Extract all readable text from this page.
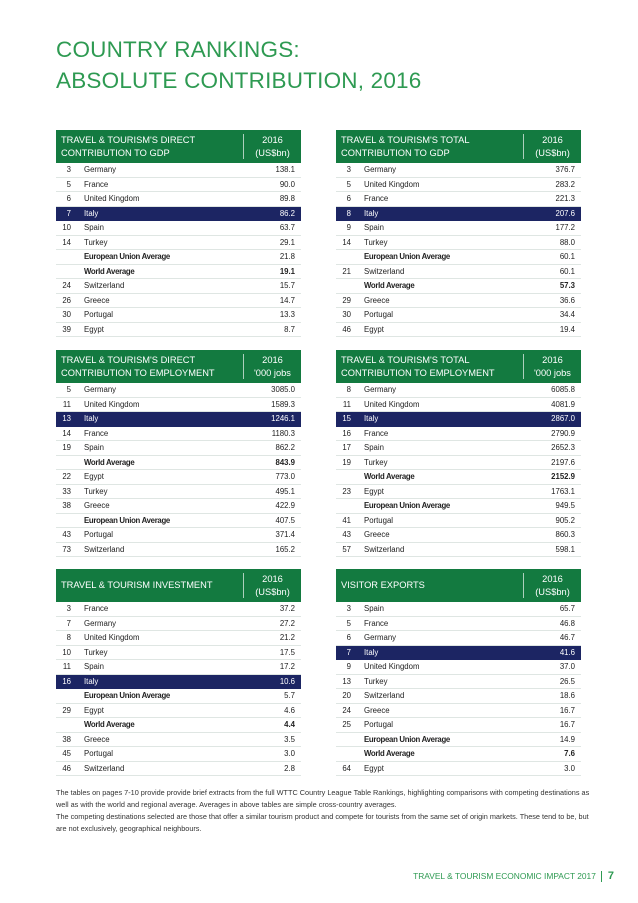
COUNTRY RANKINGS:
ABSOLUTE CONTRIBUTION, 2016
TRAVEL & TOURISM'S DIRECT CONTRIBUTION TO GDP
2016
(US$bn)
3	Germany	138.1
5	France	90.0
6	United Kingdom	89.8
7	Italy	86.2
10	Spain	63.7
14	Turkey	29.1
European Union Average	21.8
World Average	19.1
24	Switzerland	15.7
26	Greece	14.7
30	Portugal	13.3
39	Egypt	8.7
TRAVEL & TOURISM'S TOTAL CONTRIBUTION TO GDP
2016
(US$bn)
3	Germany	376.7
5	United Kingdom	283.2
6	France	221.3
8	Italy	207.6
9	Spain	177.2
14	Turkey	88.0
European Union Average	60.1
21	Switzerland	60.1
World Average	57.3
29	Greece	36.6
30	Portugal	34.4
46	Egypt	19.4
TRAVEL & TOURISM'S DIRECT CONTRIBUTION TO EMPLOYMENT
2016
'000 jobs
5	Germany	3085.0
11	United Kingdom	1589.3
13	Italy	1246.1
14	France	1180.3
19	Spain	862.2
World Average	843.9
22	Egypt	773.0
33	Turkey	495.1
38	Greece	422.9
European Union Average	407.5
43	Portugal	371.4
73	Switzerland	165.2
TRAVEL & TOURISM'S TOTAL CONTRIBUTION TO EMPLOYMENT
2016
'000 jobs
8	Germany	6085.8
11	United Kingdom	4081.9
15	Italy	2867.0
16	France	2790.9
17	Spain	2652.3
19	Turkey	2197.6
World Average	2152.9
23	Egypt	1763.1
European Union Average	949.5
41	Portugal	905.2
43	Greece	860.3
57	Switzerland	598.1
TRAVEL & TOURISM INVESTMENT
2016
(US$bn)
3	France	37.2
7	Germany	27.2
8	United Kingdom	21.2
10	Turkey	17.5
11	Spain	17.2
16	Italy	10.6
European Union Average	5.7
29	Egypt	4.6
World Average	4.4
38	Greece	3.5
45	Portugal	3.0
46	Switzerland	2.8
VISITOR EXPORTS
2016
(US$bn)
3	Spain	65.7
5	France	46.8
6	Germany	46.7
7	Italy	41.6
9	United Kingdom	37.0
13	Turkey	26.5
20	Switzerland	18.6
24	Greece	16.7
25	Portugal	16.7
European Union Average	14.9
World Average	7.6
64	Egypt	3.0

The tables on pages 7-10 provide provide brief extracts from the full WTTC Country League Table Rankings, highlighting comparisons with competing destinations as well as with the world and regional average. Averages in above tables are simple cross-country averages.

The competing destinations selected are those that offer a similar tourism product and compete for tourists from the same set of origin markets. These tend to be, but are not exclusively, geographical neighbours.

TRAVEL & TOURISM ECONOMIC IMPACT 2017 7
